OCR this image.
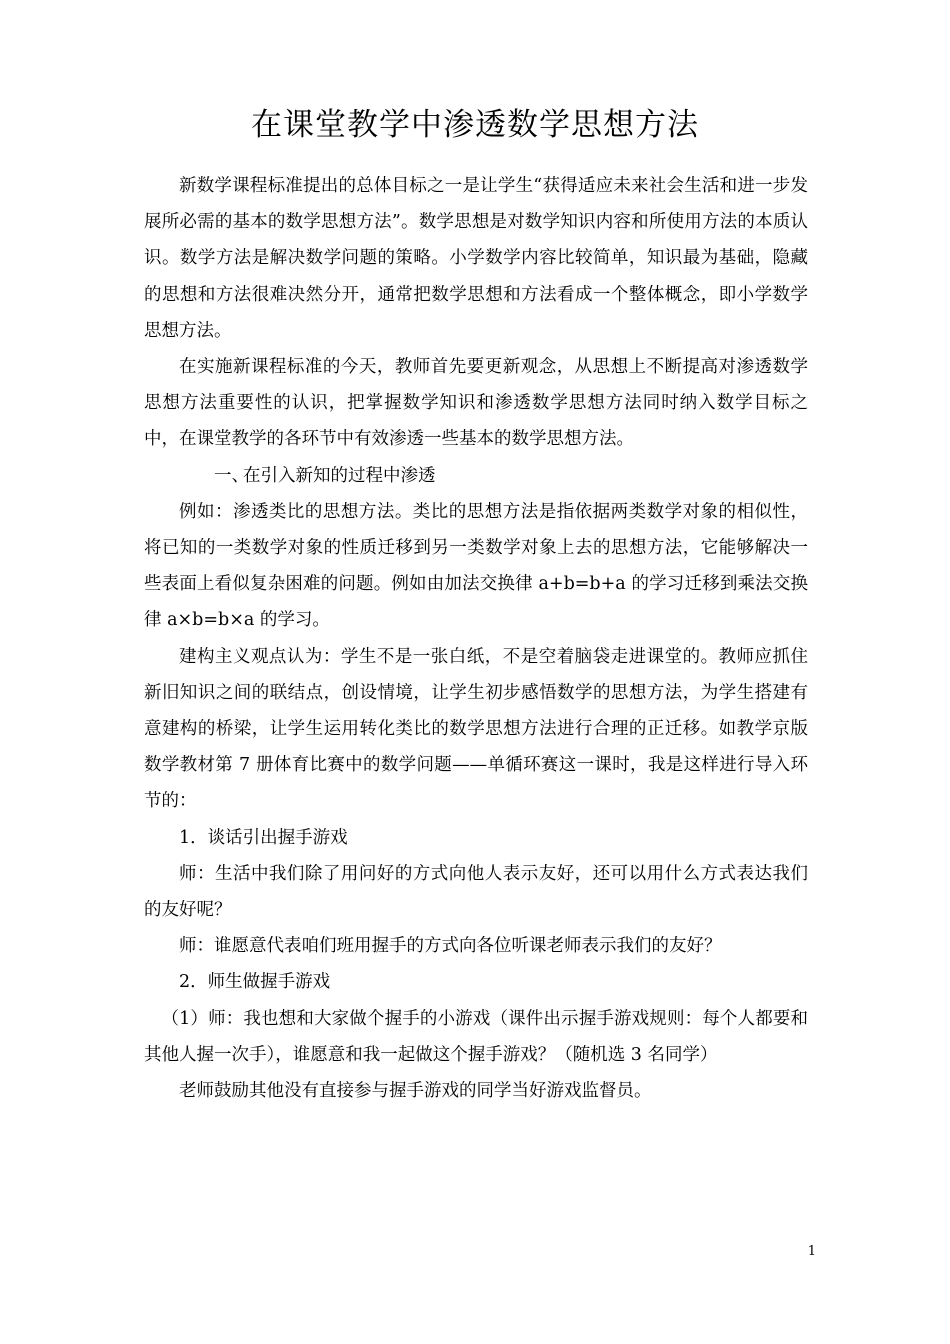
在课堂教学中渗透数学思想方法

新数学课程标准提出的总体目标之一是让学生“获得适应未来社会生活和进一步发展所必需的基本的数学思想方法”。数学思想是对数学知识内容和所使用方法的本质认识。数学方法是解决数学问题的策略。小学数学内容比较简单，知识最为基础，隐藏的思想和方法很难决然分开，通常把数学思想和方法看成一个整体概念，即小学数学思想方法。

在实施新课程标准的今天，教师首先要更新观念，从思想上不断提高对渗透数学思想方法重要性的认识，把掌握数学知识和渗透数学思想方法同时纳入数学目标之中，在课堂教学的各环节中有效渗透一些基本的数学思想方法。

一、在引入新知的过程中渗透

例如：渗透类比的思想方法。类比的思想方法是指依据两类数学对象的相似性，将已知的一类数学对象的性质迁移到另一类数学对象上去的思想方法，它能够解决一些表面上看似复杂困难的问题。例如由加法交换律 a+b=b+a 的学习迁移到乘法交换律 a×b=b×a 的学习。

建构主义观点认为：学生不是一张白纸，不是空着脑袋走进课堂的。教师应抓住新旧知识之间的联结点，创设情境，让学生初步感悟数学的思想方法，为学生搭建有意建构的桥梁，让学生运用转化类比的数学思想方法进行合理的正迁移。如教学京版数学教材第 7 册体育比赛中的数学问题——单循环赛这一课时，我是这样进行导入环节的：

1．谈话引出握手游戏

师：生活中我们除了用问好的方式向他人表示友好，还可以用什么方式表达我们的友好呢？

师：谁愿意代表咱们班用握手的方式向各位听课老师表示我们的友好？

2．师生做握手游戏

（1）师：我也想和大家做个握手的小游戏（课件出示握手游戏规则：每个人都要和其他人握一次手），谁愿意和我一起做这个握手游戏？（随机选 3 名同学）

老师鼓励其他没有直接参与握手游戏的同学当好游戏监督员。

1
